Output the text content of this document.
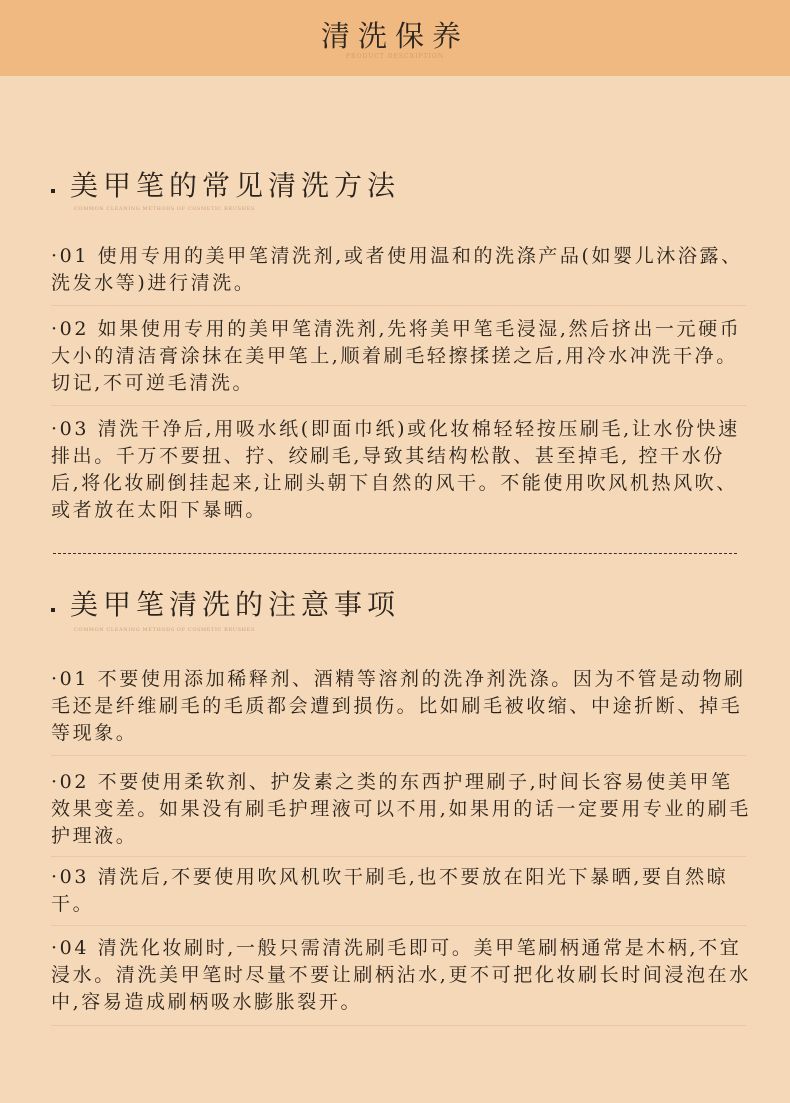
清洗保养
PRODUCT DESCRIPTION
美甲笔的常见清洗方法
COMMON CLEANING METHODS OF COSMETIC BRUSHES
·01 使用专用的美甲笔清洗剂,或者使用温和的洗涤产品(如婴儿沐浴露、洗发水等)进行清洗。
·02 如果使用专用的美甲笔清洗剂,先将美甲笔毛浸湿,然后挤出一元硬币大小的清洁膏涂抹在美甲笔上,顺着刷毛轻擦揉搓之后,用冷水冲洗干净。切记,不可逆毛清洗。
·03 清洗干净后,用吸水纸(即面巾纸)或化妆棉轻轻按压刷毛,让水份快速排出。千万不要扭、拧、绞刷毛,导致其结构松散、甚至掉毛, 控干水份后,将化妆刷倒挂起来,让刷头朝下自然的风干。不能使用吹风机热风吹、或者放在太阳下暴晒。
美甲笔清洗的注意事项
COMMON CLEANING METHODS OF COSMETIC BRUSHES
·01 不要使用添加稀释剂、酒精等溶剂的洗净剂洗涤。因为不管是动物刷毛还是纤维刷毛的毛质都会遭到损伤。比如刷毛被收缩、中途折断、掉毛等现象。
·02 不要使用柔软剂、护发素之类的东西护理刷子,时间长容易使美甲笔效果变差。如果没有刷毛护理液可以不用,如果用的话一定要用专业的刷毛护理液。
·03 清洗后,不要使用吹风机吹干刷毛,也不要放在阳光下暴晒,要自然晾干。
·04 清洗化妆刷时,一般只需清洗刷毛即可。美甲笔刷柄通常是木柄,不宜浸水。清洗美甲笔时尽量不要让刷柄沾水,更不可把化妆刷长时间浸泡在水中,容易造成刷柄吸水膨胀裂开。
